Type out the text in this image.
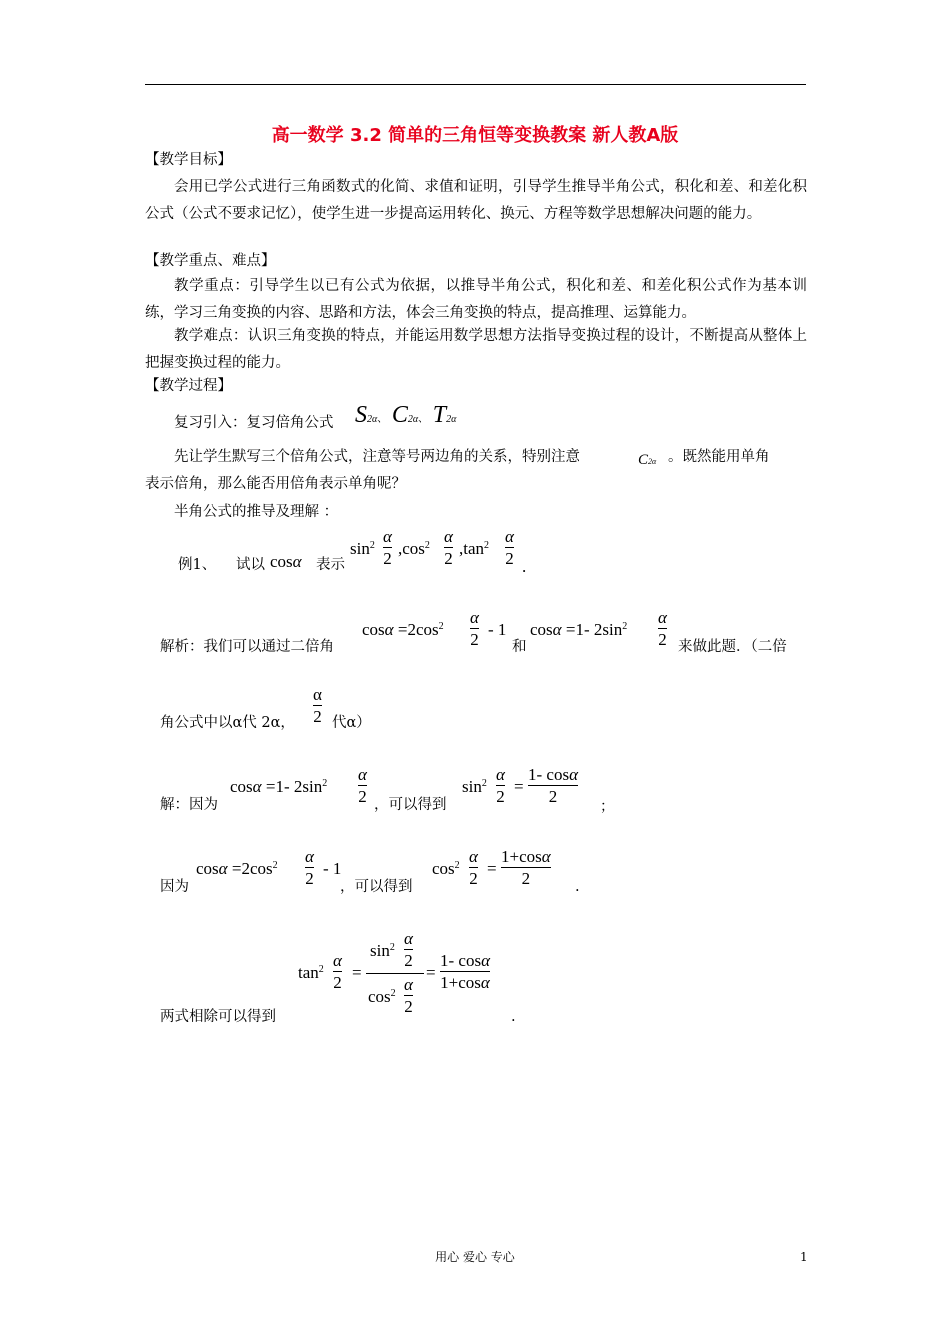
高一数学 3.2 简单的三角恒等变换教案 新人教A版
【教学目标】
会用已学公式进行三角函数式的化简、求值和证明，引导学生推导半角公式，积化和差、和差化积公式（公式不要求记忆），使学生进一步提高运用转化、换元、方程等数学思想解决问题的能力。
【教学重点、难点】
教学重点：引导学生以已有公式为依据，以推导半角公式，积化和差、和差化积公式作为基本训练，学习三角变换的内容、思路和方法，体会三角变换的特点，提高推理、运算能力。
教学难点：认识三角变换的特点，并能运用数学思想方法指导变换过程的设计，不断提高从整体上把握变换过程的能力。
【教学过程】
复习引入：复习倍角公式 S2α、 C2α、 T2α
先让学生默写三个倍角公式，注意等号两边角的关系，特别注意	C2α 。既然能用单角
表示倍角，那么能否用倍角表示单角呢？
半角公式的推导及理解 ：
例1、 试以 cosα 表示
$\sin^2 \alpha$
2
$,\cos^2$ α
2
$,\tan^2$ α
2 .
解析：我们可以通过二倍角
$\cos\alpha =2\cos^2$ α
2
- 1
和
cosα =1- $2\sin^2$ α
2 来做此题．（二倍
角公式中以α代 2α，
α
2 代α）
解：因为
cosα =1- $2\sin^2$ α
2 ，可以得到
$\sin^2 \alpha$
2
=
1- cosα
2
；
因为
$\cos\alpha =2\cos^2$ α
2
- 1
，可以得到
$\cos^2 \alpha$
2
=
1+cosα
2	.
两式相除可以得到
$\tan^2 \alpha$
2
=
$\sin^2 \alpha$
2
$\cos^2 \alpha$
2
=
1- cosα
1+cosα
.
用心 爱心 专心	1
